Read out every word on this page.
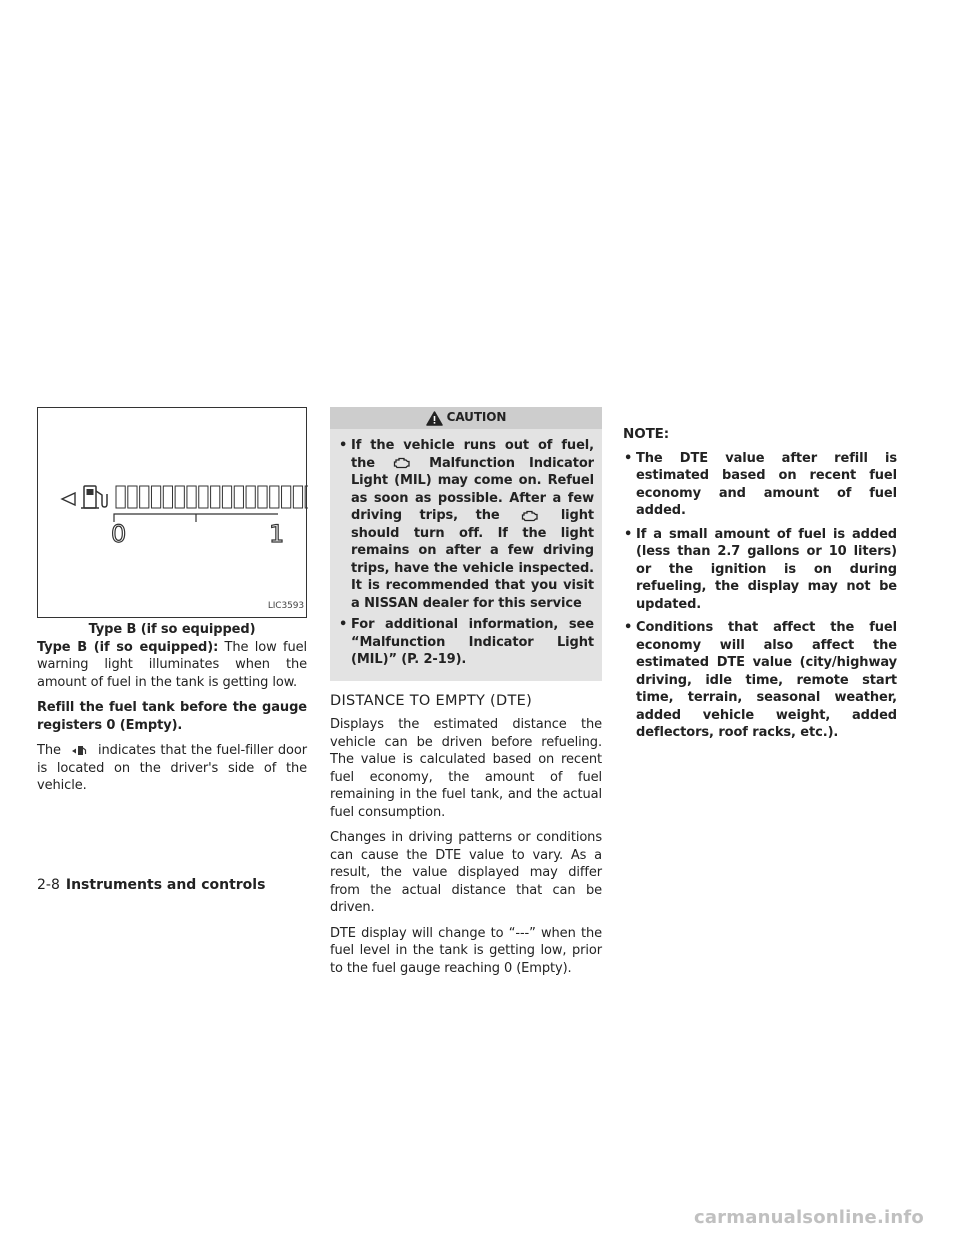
0	1
LIC3593
Type B (if so equipped)

Type B (if so equipped): The low fuel warning light illuminates when the amount of fuel in the tank is getting low.

Refill the fuel tank before the gauge registers 0 (Empty).

The	indicates that the fuel-filler door is located on the driver's side of the vehicle.

CAUTION
• If the vehicle runs out of fuel, the	Malfunction Indicator Light (MIL) may come on. Refuel as soon as possible. After a few driving trips, the	light should turn off. If the light remains on after a few driving trips, have the vehicle inspected. It is recommended that you visit a NISSAN dealer for this service
• For additional information, see “Malfunction Indicator Light (MIL)” (P. 2-19).
DISTANCE TO EMPTY (DTE)

Displays the estimated distance the vehicle can be driven before refueling. The value is calculated based on recent fuel economy, the amount of fuel remaining in the fuel tank, and the actual fuel consumption.

Changes in driving patterns or conditions can cause the DTE value to vary. As a result, the value displayed may differ from the actual distance that can be driven.

DTE display will change to “---” when the fuel level in the tank is getting low, prior to the fuel gauge reaching 0 (Empty).

NOTE:
• The DTE value after refill is estimated based on recent fuel economy and amount of fuel added.
• If a small amount of fuel is added (less than 2.7 gallons or 10 liters) or the ignition is on during refueling, the display may not be updated.
• Conditions that affect the fuel economy will also affect the estimated DTE value (city/highway driving, idle time, remote start time, terrain, seasonal weather, added vehicle weight, added deflectors, roof racks, etc.).
2-8 Instruments and controls
carmanualsonline.info
